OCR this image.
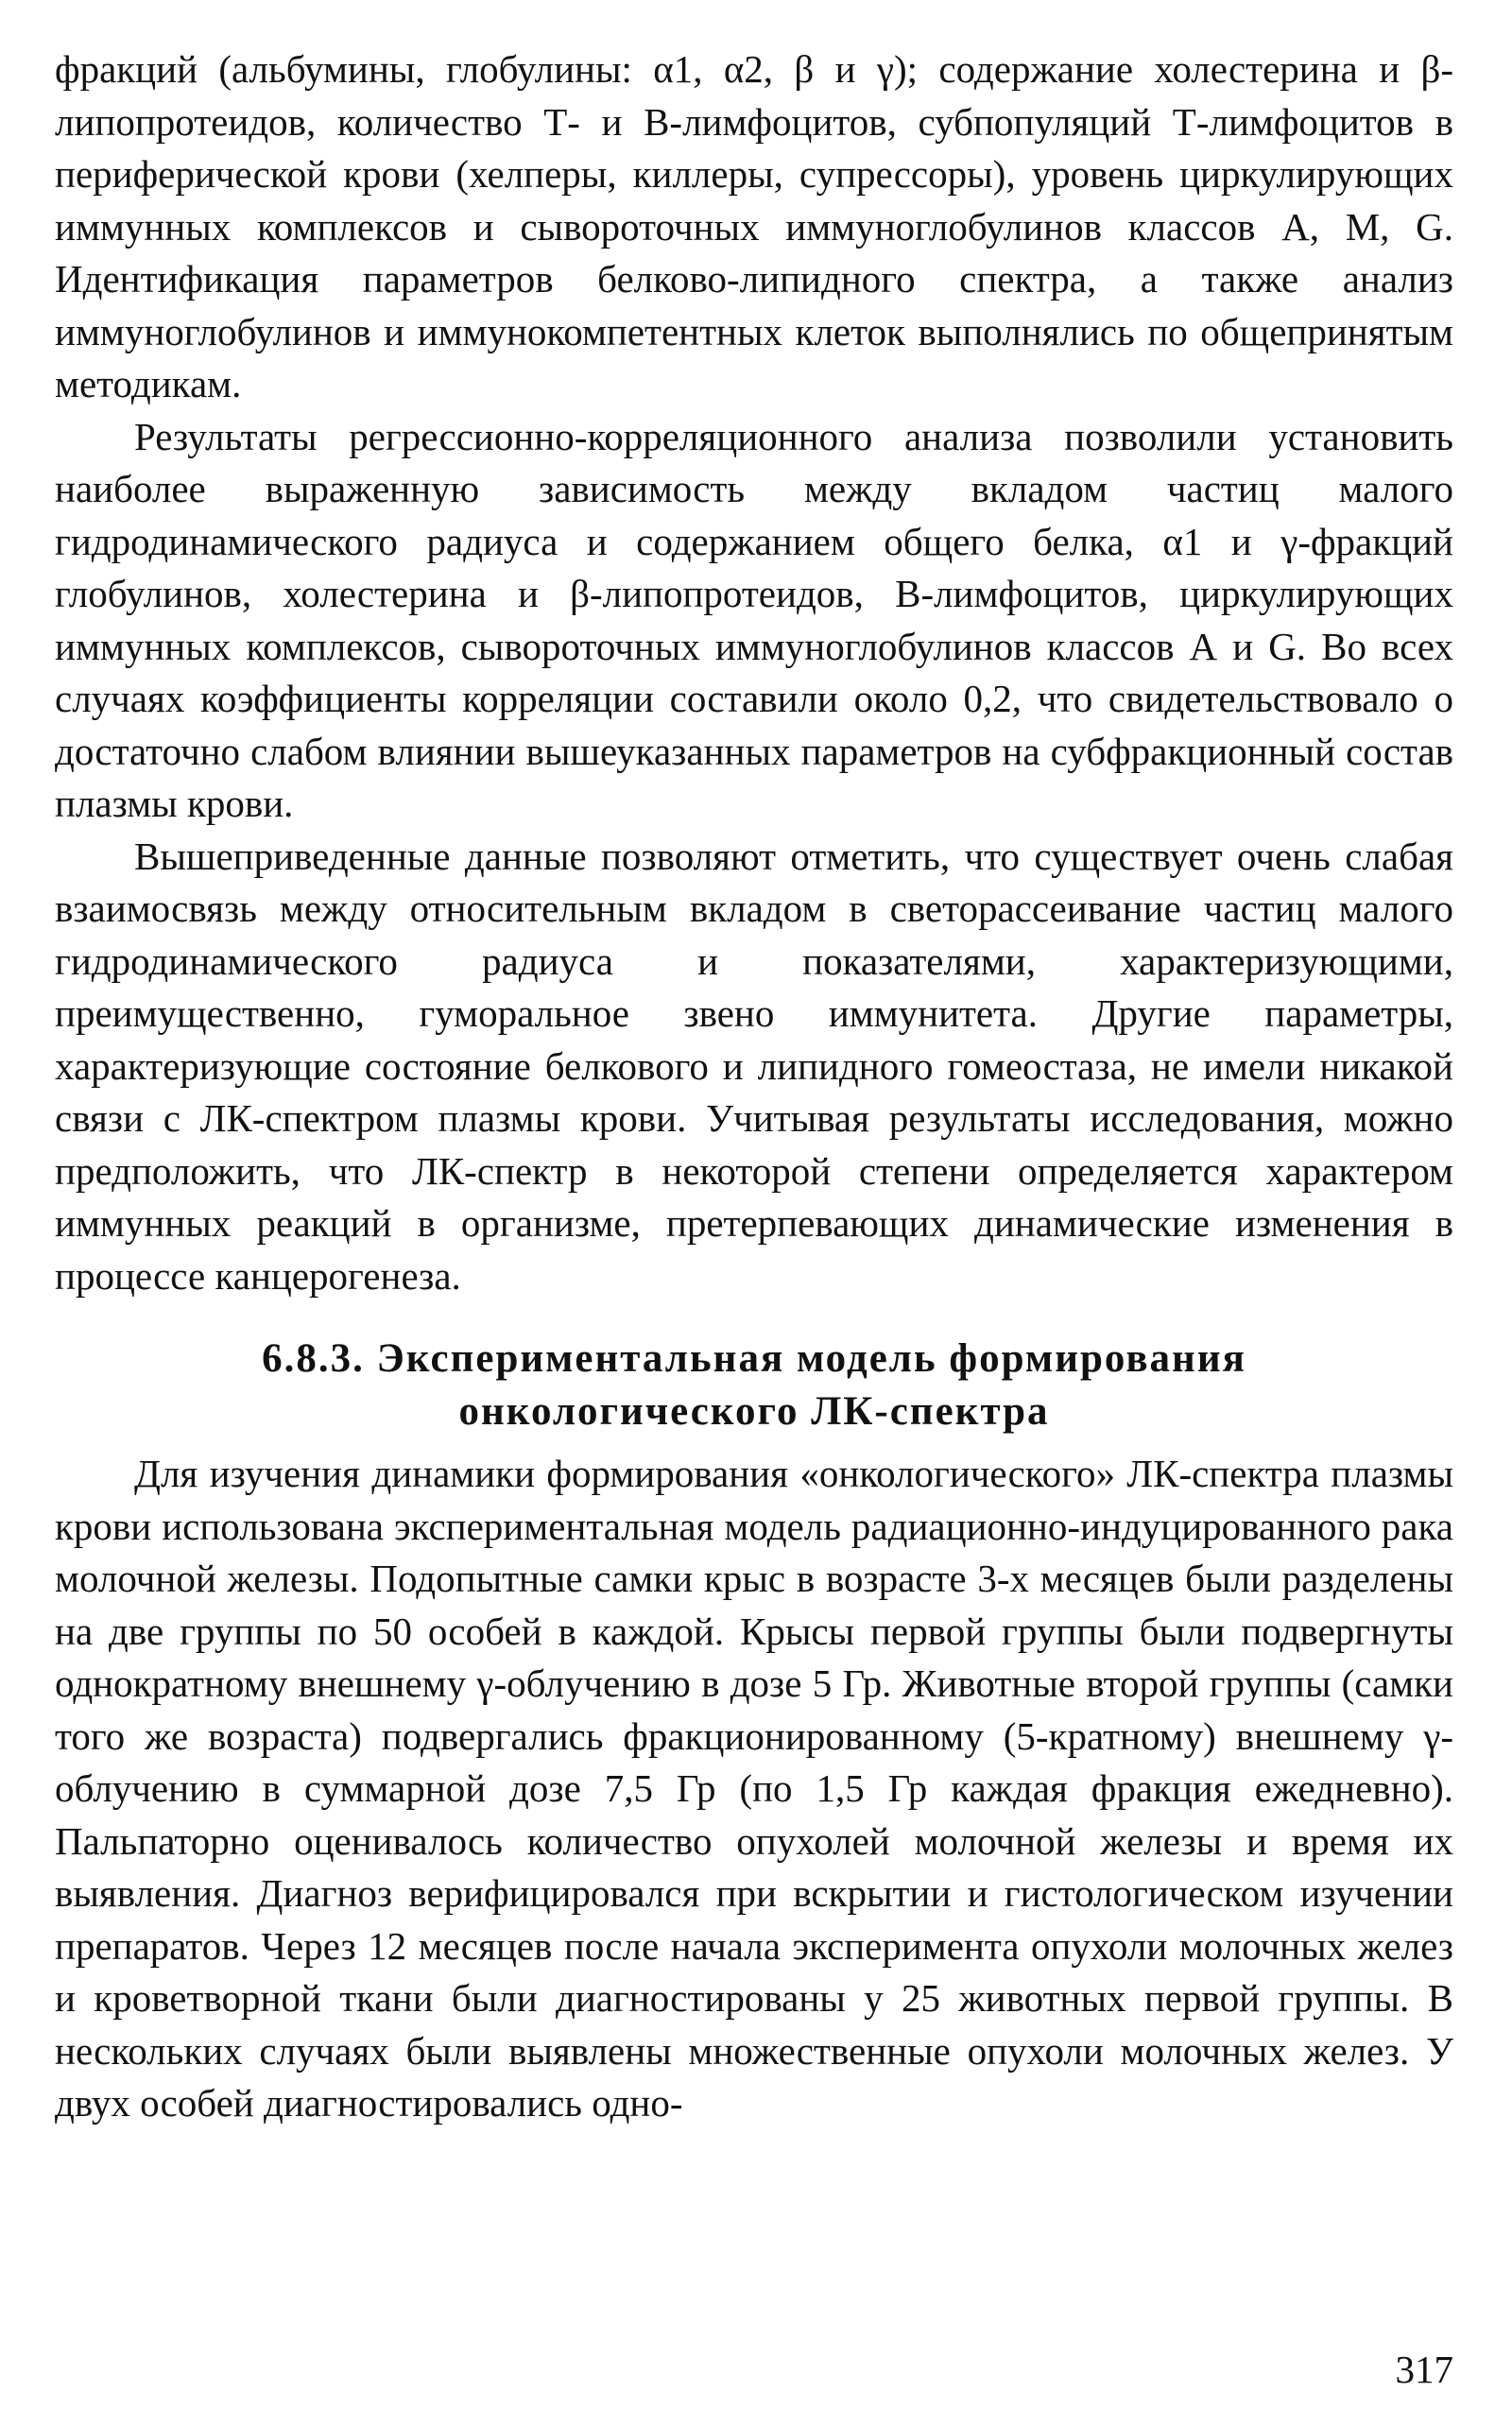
фракций (альбумины, глобулины: α1, α2, β и γ); содержание холестерина и β-липопротеидов, количество Т- и В-лимфоцитов, субпопуляций Т-лимфоцитов в периферической крови (хелперы, киллеры, супрессоры), уровень циркулирующих иммунных комплексов и сывороточных иммуноглобулинов классов А, М, G. Идентификация параметров белково-липидного спектра, а также анализ иммуноглобулинов и иммунокомпетентных клеток выполнялись по общепринятым методикам.

Результаты регрессионно-корреляционного анализа позволили установить наиболее выраженную зависимость между вкладом частиц малого гидродинамического радиуса и содержанием общего белка, α1 и γ-фракций глобулинов, холестерина и β-липопротеидов, В-лимфоцитов, циркулирующих иммунных комплексов, сывороточных иммуноглобулинов классов А и G. Во всех случаях коэффициенты корреляции составили около 0,2, что свидетельствовало о достаточно слабом влиянии вышеуказанных параметров на субфракционный состав плазмы крови.

Вышеприведенные данные позволяют отметить, что существует очень слабая взаимосвязь между относительным вкладом в светорассеивание частиц малого гидродинамического радиуса и показателями, характеризующими, преимущественно, гуморальное звено иммунитета. Другие параметры, характеризующие состояние белкового и липидного гомеостаза, не имели никакой связи с ЛК-спектром плазмы крови. Учитывая результаты исследования, можно предположить, что ЛК-спектр в некоторой степени определяется характером иммунных реакций в организме, претерпевающих динамические изменения в процессе канцерогенеза.

6.8.3. Экспериментальная модель формирования
онкологического ЛК-спектра

Для изучения динамики формирования «онкологического» ЛК-спектра плазмы крови использована экспериментальная модель радиационно-индуцированного рака молочной железы. Подопытные самки крыс в возрасте 3-х месяцев были разделены на две группы по 50 особей в каждой. Крысы первой группы были подвергнуты однократному внешнему γ-облучению в дозе 5 Гр. Животные второй группы (самки того же возраста) подвергались фракционированному (5-кратному) внешнему γ-облучению в суммарной дозе 7,5 Гр (по 1,5 Гр каждая фракция ежедневно). Пальпаторно оценивалось количество опухолей молочной железы и время их выявления. Диагноз верифицировался при вскрытии и гистологическом изучении препаратов. Через 12 месяцев после начала эксперимента опухоли молочных желез и кроветворной ткани были диагностированы у 25 животных первой группы. В нескольких случаях были выявлены множественные опухоли молочных желез. У двух особей диагностировались одно-

317
